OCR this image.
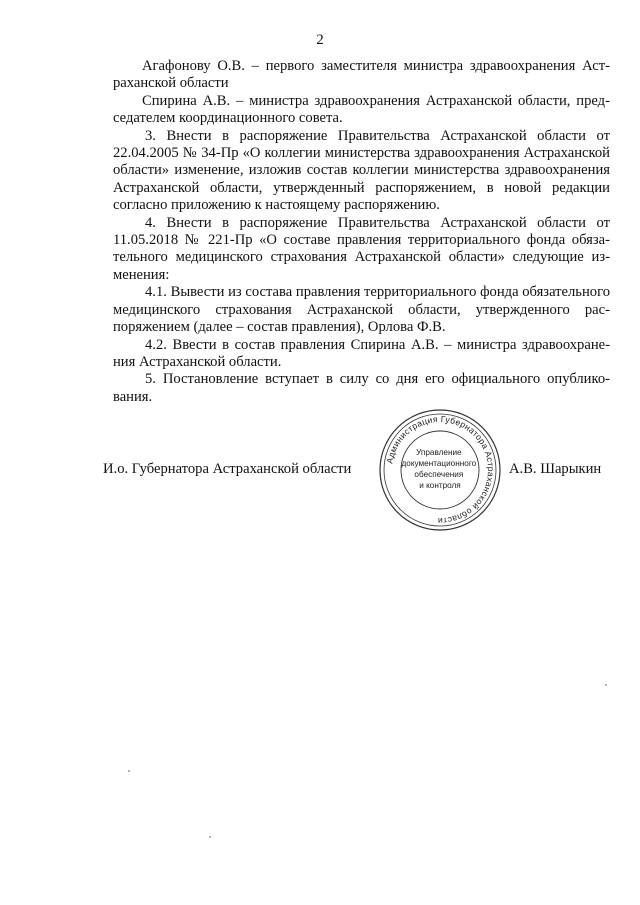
2

Агафонову О.В. – первого заместителя министра здравоохранения Астраханской области

Спирина А.В. – министра здравоохранения Астраханской области, председателем координационного совета.

3. Внести в распоряжение Правительства Астраханской области от 22.04.2005 № 34-Пр «О коллегии министерства здравоохранения Астраханской области» изменение, изложив состав коллегии министерства здравоохранения Астраханской области, утвержденный распоряжением, в новой редакции согласно приложению к настоящему распоряжению.

4. Внести в распоряжение Правительства Астраханской области от 11.05.2018 № 221-Пр «О составе правления территориального фонда обязательного медицинского страхования Астраханской области» следующие изменения:

4.1. Вывести из состава правления территориального фонда обязательного медицинского страхования Астраханской области, утвержденного распоряжением (далее – состав правления), Орлова Ф.В.

4.2. Ввести в состав правления Спирина А.В. – министра здравоохранения Астраханской области.

5. Постановление вступает в силу со дня его официального опубликования.

И.о. Губернатора Астраханской области
Администрация Губернатора Астраханской области
Управление документационного обеспечения и контроля
А.В. Шарыкин
